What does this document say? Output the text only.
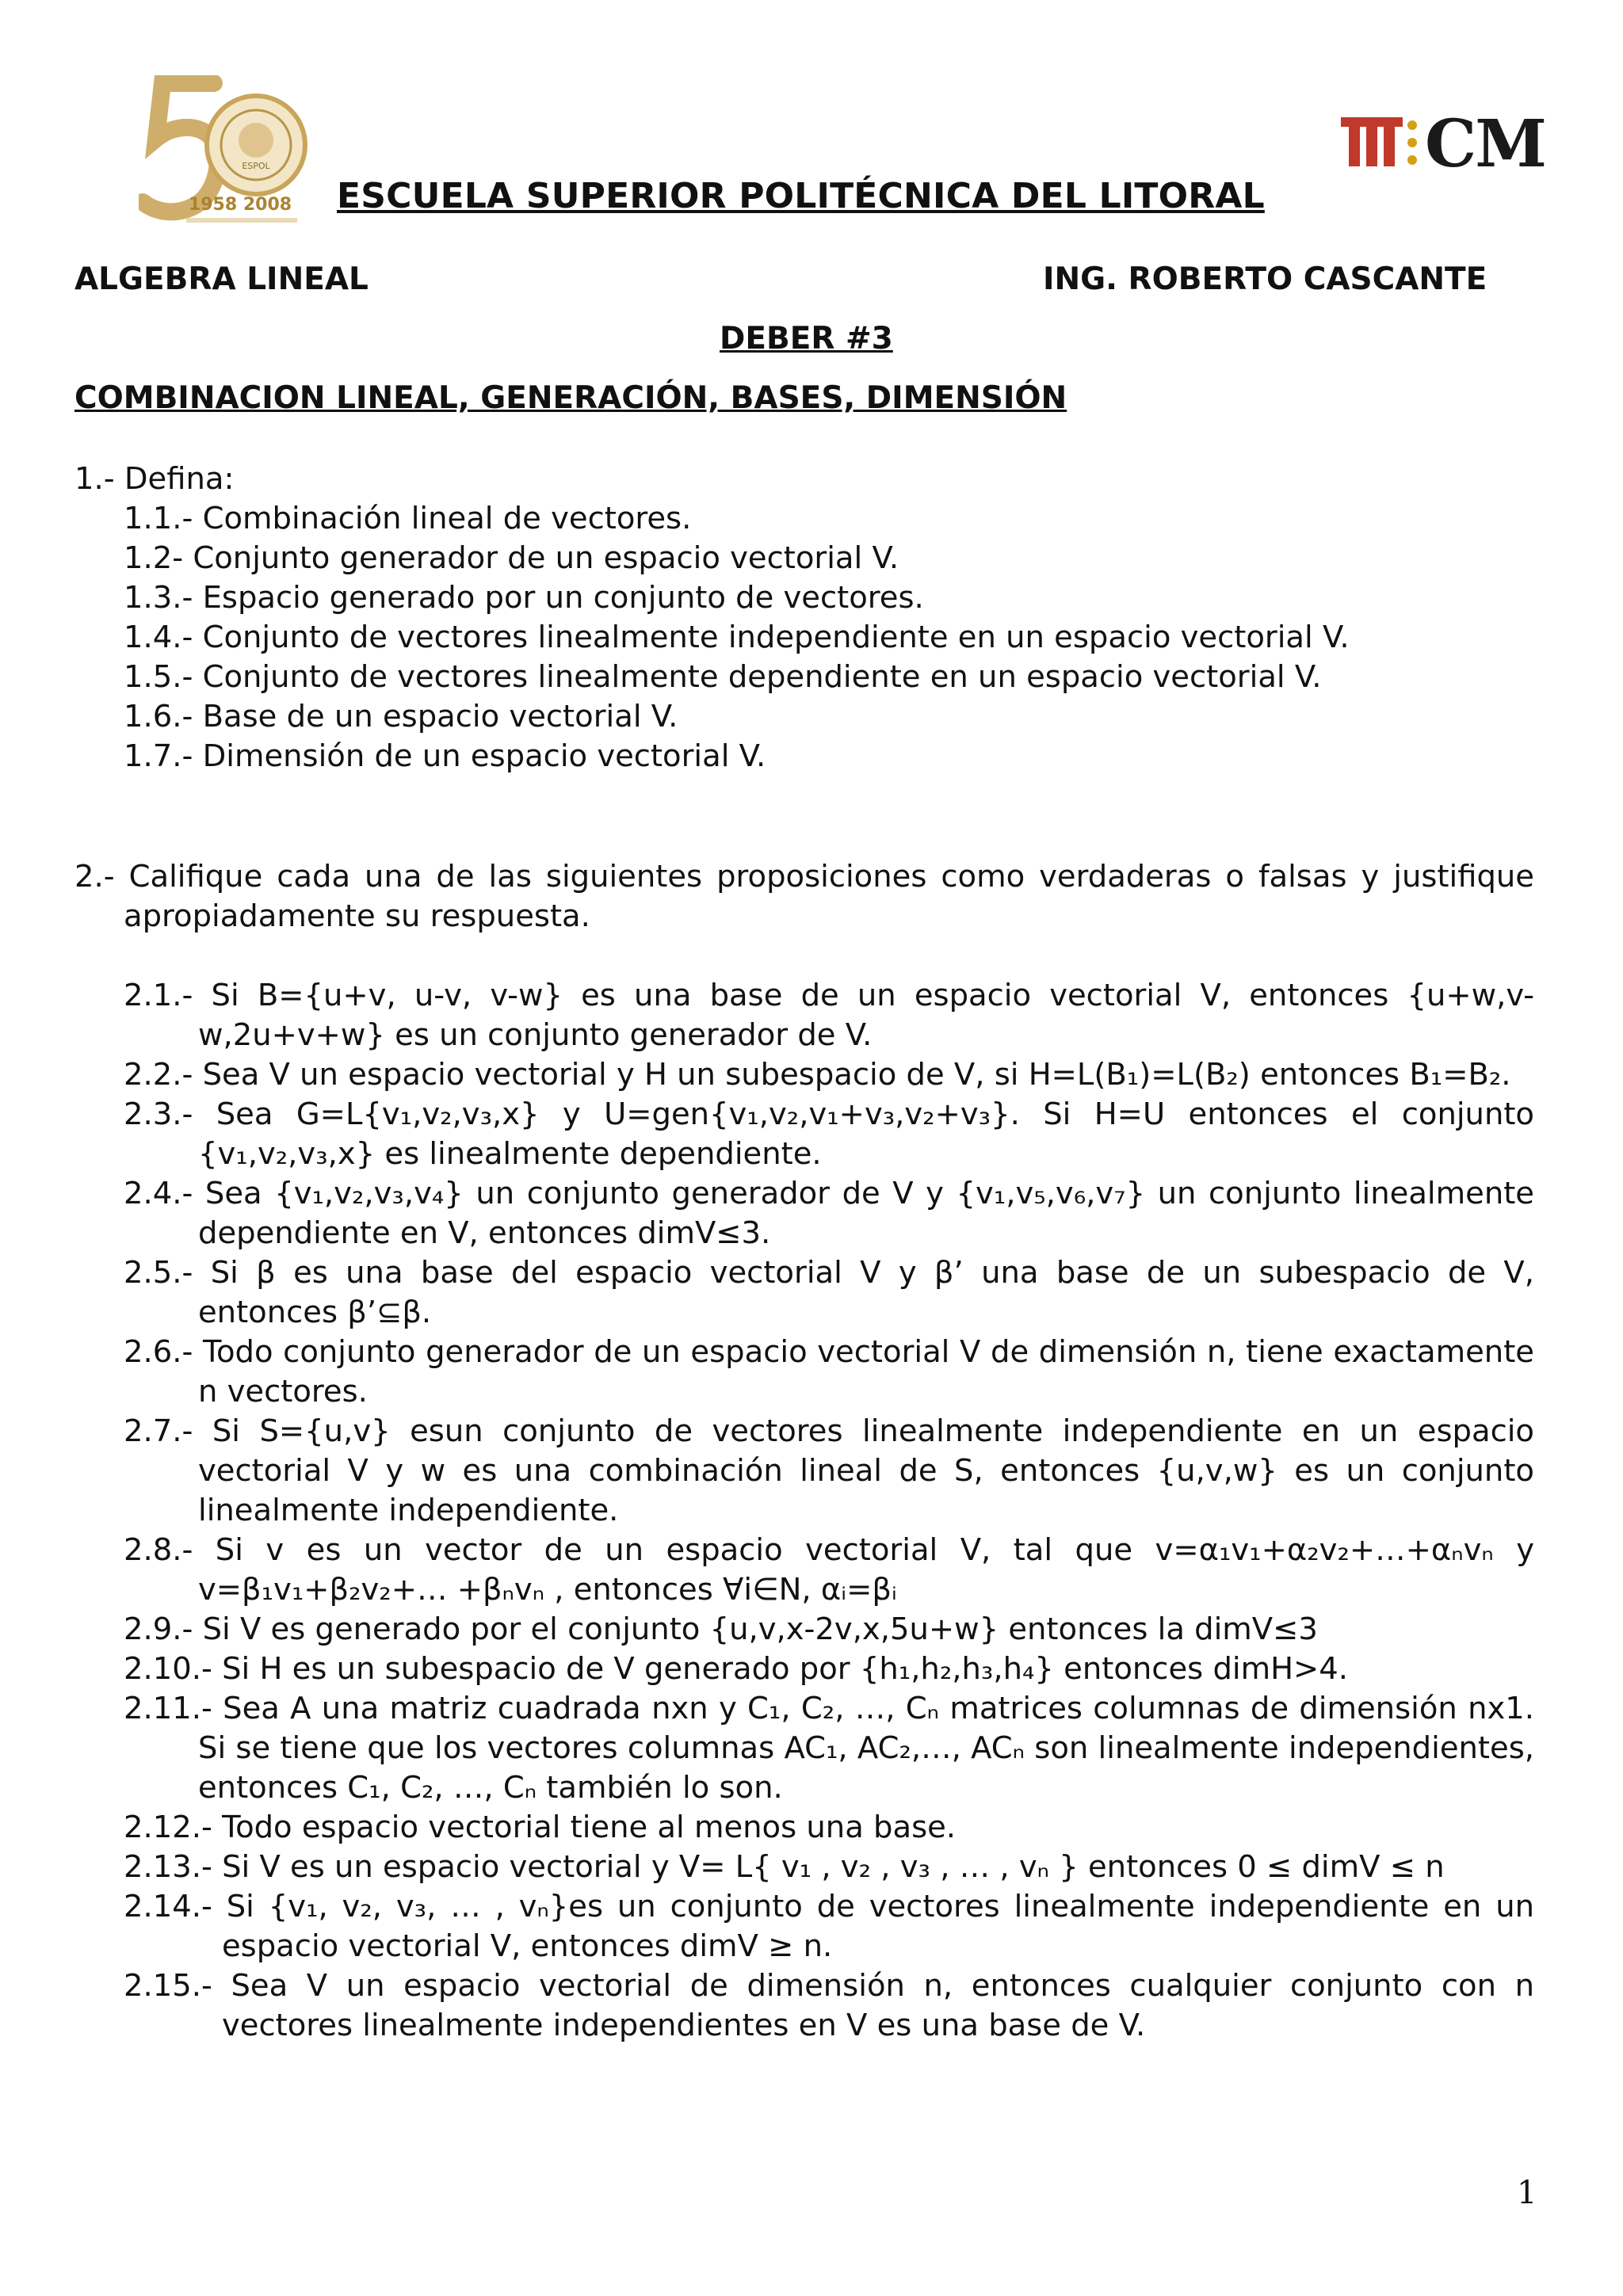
ESPOL
1958 2008
CM
ESCUELA SUPERIOR POLITÉCNICA DEL LITORAL
ALGEBRA LINEAL	ING. ROBERTO CASCANTE
DEBER #3
COMBINACION LINEAL, GENERACIÓN, BASES, DIMENSIÓN

1.- Defina:

1.1.- Combinación lineal de vectores.
1.2- Conjunto generador de un espacio vectorial V.
1.3.- Espacio generado por un conjunto de vectores.
1.4.- Conjunto de vectores linealmente independiente en un espacio vectorial V.
1.5.- Conjunto de vectores linealmente dependiente en un espacio vectorial V.
1.6.- Base de un espacio vectorial V.
1.7.- Dimensión de un espacio vectorial V.

2.- Califique cada una de las siguientes proposiciones como verdaderas o falsas y justifique

apropiadamente su respuesta.

2.1.- Si B={u+v, u-v, v-w} es una base de un espacio vectorial V, entonces {u+w,v-w,2u+v+w} es un conjunto generador de V.

2.2.- Sea V un espacio vectorial y H un subespacio de V, si H=L(B₁)=L(B₂) entonces B₁=B₂.

2.3.- Sea G=L{v₁,v₂,v₃,x} y U=gen{v₁,v₂,v₁+v₃,v₂+v₃}. Si H=U entonces el conjunto {v₁,v₂,v₃,x} es linealmente dependiente.

2.4.- Sea {v₁,v₂,v₃,v₄} un conjunto generador de V y {v₁,v₅,v₆,v₇} un conjunto linealmente dependiente en V, entonces dimV≤3.

2.5.- Si β es una base del espacio vectorial V y β’ una base de un subespacio de V, entonces β’⊆β.

2.6.- Todo conjunto generador de un espacio vectorial V de dimensión n, tiene exactamente n vectores.

2.7.- Si S={u,v} esun conjunto de vectores linealmente independiente en un espacio vectorial V y w es una combinación lineal de S, entonces {u,v,w} es un conjunto linealmente independiente.

2.8.- Si v es un vector de un espacio vectorial V, tal que v=α₁v₁+α₂v₂+…+αₙvₙ y v=β₁v₁+β₂v₂+… +βₙvₙ , entonces ∀i∈N, αᵢ=βᵢ

2.9.- Si V es generado por el conjunto {u,v,x-2v,x,5u+w} entonces la dimV≤3

2.10.- Si H es un subespacio de V generado por {h₁,h₂,h₃,h₄} entonces dimH>4.

2.11.- Sea A una matriz cuadrada nxn y C₁, C₂, …, Cₙ matrices columnas de dimensión nx1. Si se tiene que los vectores columnas AC₁, AC₂,…, ACₙ son linealmente independientes, entonces C₁, C₂, …, Cₙ también lo son.

2.12.- Todo espacio vectorial tiene al menos una base.

2.13.- Si V es un espacio vectorial y V= L{ v₁ , v₂ , v₃ , … , vₙ } entonces 0 ≤ dimV ≤ n

2.14.- Si {v₁, v₂, v₃, … , vₙ}es un conjunto de vectores linealmente independiente en un espacio vectorial V, entonces dimV ≥ n.

2.15.- Sea V un espacio vectorial de dimensión n, entonces cualquier conjunto con n vectores linealmente independientes en V es una base de V.

1
